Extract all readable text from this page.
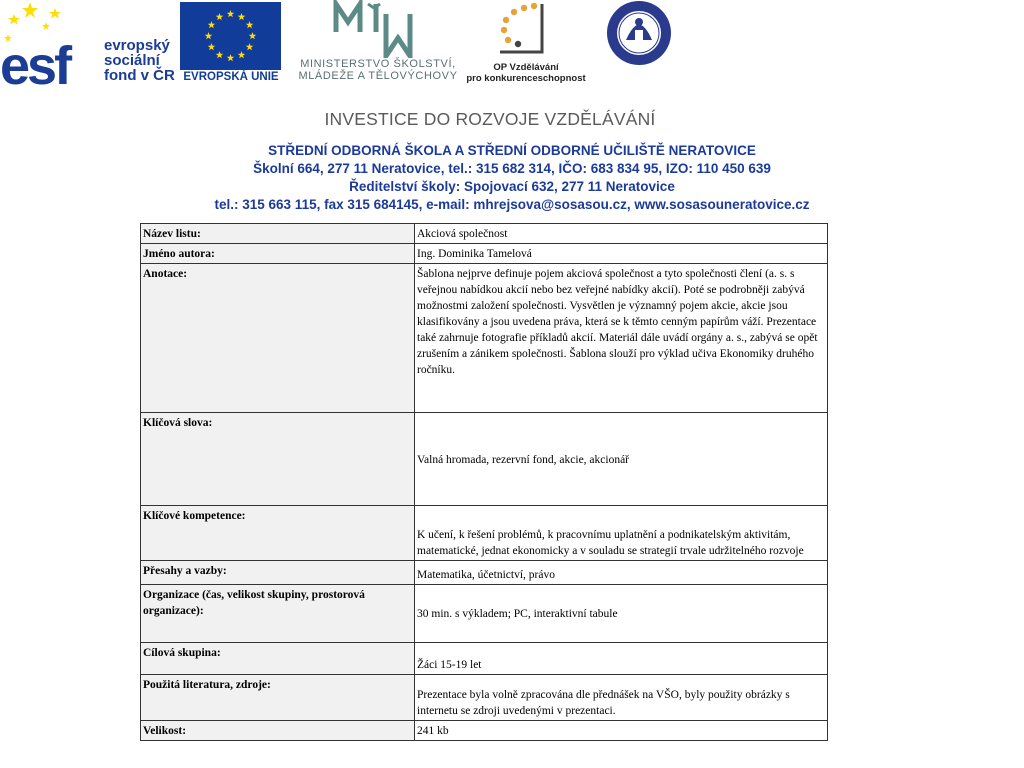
esf evropský
sociální
fond v ČR EVROPSKÁ UNIE
MINISTERSTVO ŠKOLSTVÍ,
MLÁDEŽE A TĚLOVÝCHOVY
OP Vzdělávání
pro konkurenceschopnost
INVESTICE DO ROZVOJE VZDĚLÁVÁNÍ
STŘEDNÍ ODBORNÁ ŠKOLA A STŘEDNÍ ODBORNÉ UČILIŠTĚ NERATOVICE
Školní 664, 277 11 Neratovice, tel.: 315 682 314, IČO: 683 834 95, IZO: 110 450 639
Ředitelství školy: Spojovací 632, 277 11 Neratovice
tel.: 315 663 115, fax 315 684145, e-mail: mhrejsova@sosasou.cz, www.sosasouneratovice.cz
Název listu:	Akciová společnost
Jméno autora:	Ing. Dominika Tamelová
Anotace:	Šablona nejprve definuje pojem akciová společnost a tyto společnosti člení (a. s. s veřejnou nabídkou akcií nebo bez veřejné nabídky akcií). Poté se podrobněji zabývá možnostmi založení společnosti. Vysvětlen je významný pojem akcie, akcie jsou klasifikovány a jsou uvedena práva, která se k těmto cenným papírům váží. Prezentace také zahrnuje fotografie příkladů akcií. Materiál dále uvádí orgány a. s., zabývá se opět zrušením a zánikem společnosti. Šablona slouží pro výklad učiva Ekonomiky druhého ročníku.
Klíčová slova:	Valná hromada, rezervní fond, akcie, akcionář
Klíčové kompetence:	K učení, k řešení problémů, k pracovnímu uplatnění a podnikatelským aktivitám, matematické, jednat ekonomicky a v souladu se strategií trvale udržitelného rozvoje
Přesahy a vazby:	Matematika, účetnictví, právo
Organizace (čas, velikost skupiny, prostorová organizace):	30 min. s výkladem; PC, interaktivní tabule
Cílová skupina:	Žáci 15-19 let
Použitá literatura, zdroje:	Prezentace byla volně zpracována dle přednášek na VŠO, byly použity obrázky s internetu se zdroji uvedenými v prezentaci.
Velikost:	241 kb
